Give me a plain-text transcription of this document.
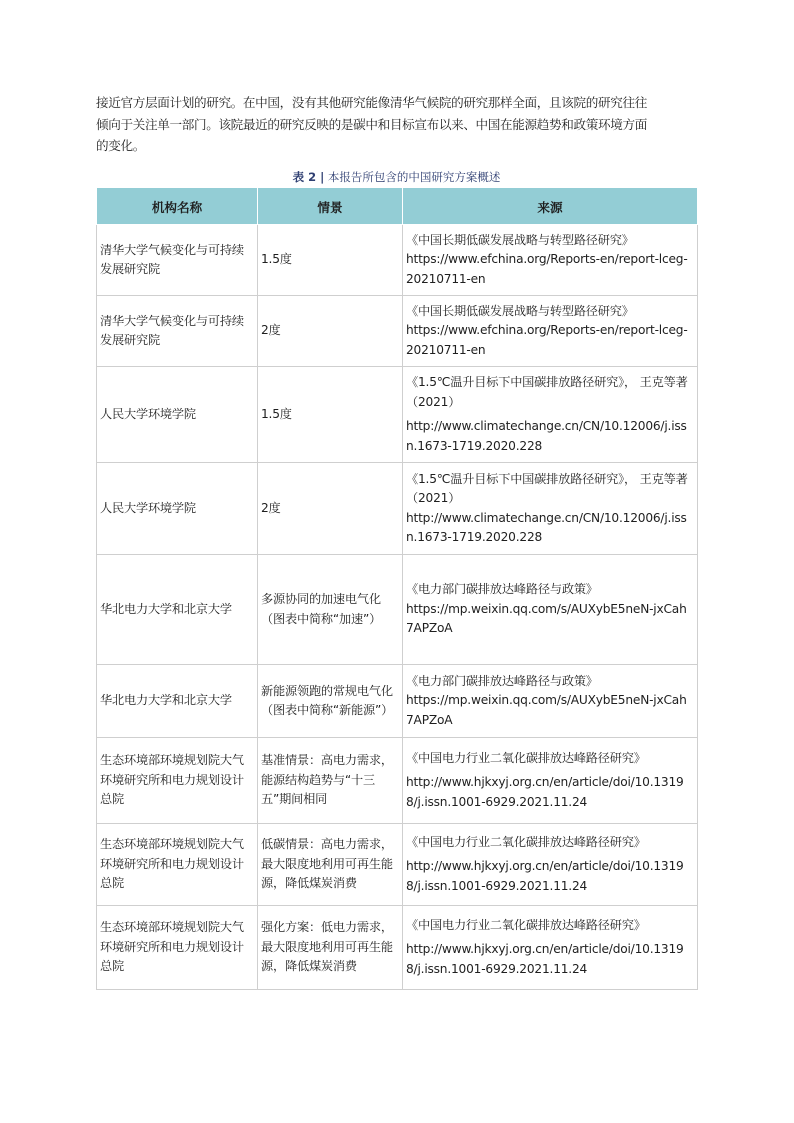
接近官方层面计划的研究。在中国，没有其他研究能像清华气候院的研究那样全面，且该院的研究往往
倾向于关注单一部门。该院最近的研究反映的是碳中和目标宣布以来、中国在能源趋势和政策环境方面
的变化。

表 2 | 本报告所包含的中国研究方案概述

机构名称	情景	来源
清华大学气候变化与可持续发展研究院	1.5度	《中国长期低碳发展战略与转型路径研究》

https://www.efchina.org/Reports-en/report-lceg-20210711-en

清华大学气候变化与可持续发展研究院	2度	《中国长期低碳发展战略与转型路径研究》

https://www.efchina.org/Reports-en/report-lceg-20210711-en

人民大学环境学院	1.5度	《1.5℃温升目标下中国碳排放路径研究》， 王克等著（2021）

http://www.climatechange.cn/CN/10.12006/j.issn.1673-1719.2020.228

人民大学环境学院	2度	《1.5℃温升目标下中国碳排放路径研究》， 王克等著（2021）

http://www.climatechange.cn/CN/10.12006/j.issn.1673-1719.2020.228

华北电力大学和北京大学	多源协同的加速电气化（图表中简称“加速”）	《电力部门碳排放达峰路径与政策》

https://mp.weixin.qq.com/s/AUXybE5neN-jxCah7APZoA

华北电力大学和北京大学	新能源领跑的常规电气化（图表中简称“新能源”）	《电力部门碳排放达峰路径与政策》

https://mp.weixin.qq.com/s/AUXybE5neN-jxCah7APZoA

生态环境部环境规划院大气环境研究所和电力规划设计总院	基准情景：高电力需求，能源结构趋势与“十三五”期间相同	《中国电力行业二氧化碳排放达峰路径研究》

http://www.hjkxyj.org.cn/en/article/doi/10.13198/j.issn.1001-6929.2021.11.24

生态环境部环境规划院大气环境研究所和电力规划设计总院	低碳情景：高电力需求，最大限度地利用可再生能源，降低煤炭消费	《中国电力行业二氧化碳排放达峰路径研究》

http://www.hjkxyj.org.cn/en/article/doi/10.13198/j.issn.1001-6929.2021.11.24

生态环境部环境规划院大气环境研究所和电力规划设计总院	强化方案：低电力需求，最大限度地利用可再生能源，降低煤炭消费	《中国电力行业二氧化碳排放达峰路径研究》

http://www.hjkxyj.org.cn/en/article/doi/10.13198/j.issn.1001-6929.2021.11.24
